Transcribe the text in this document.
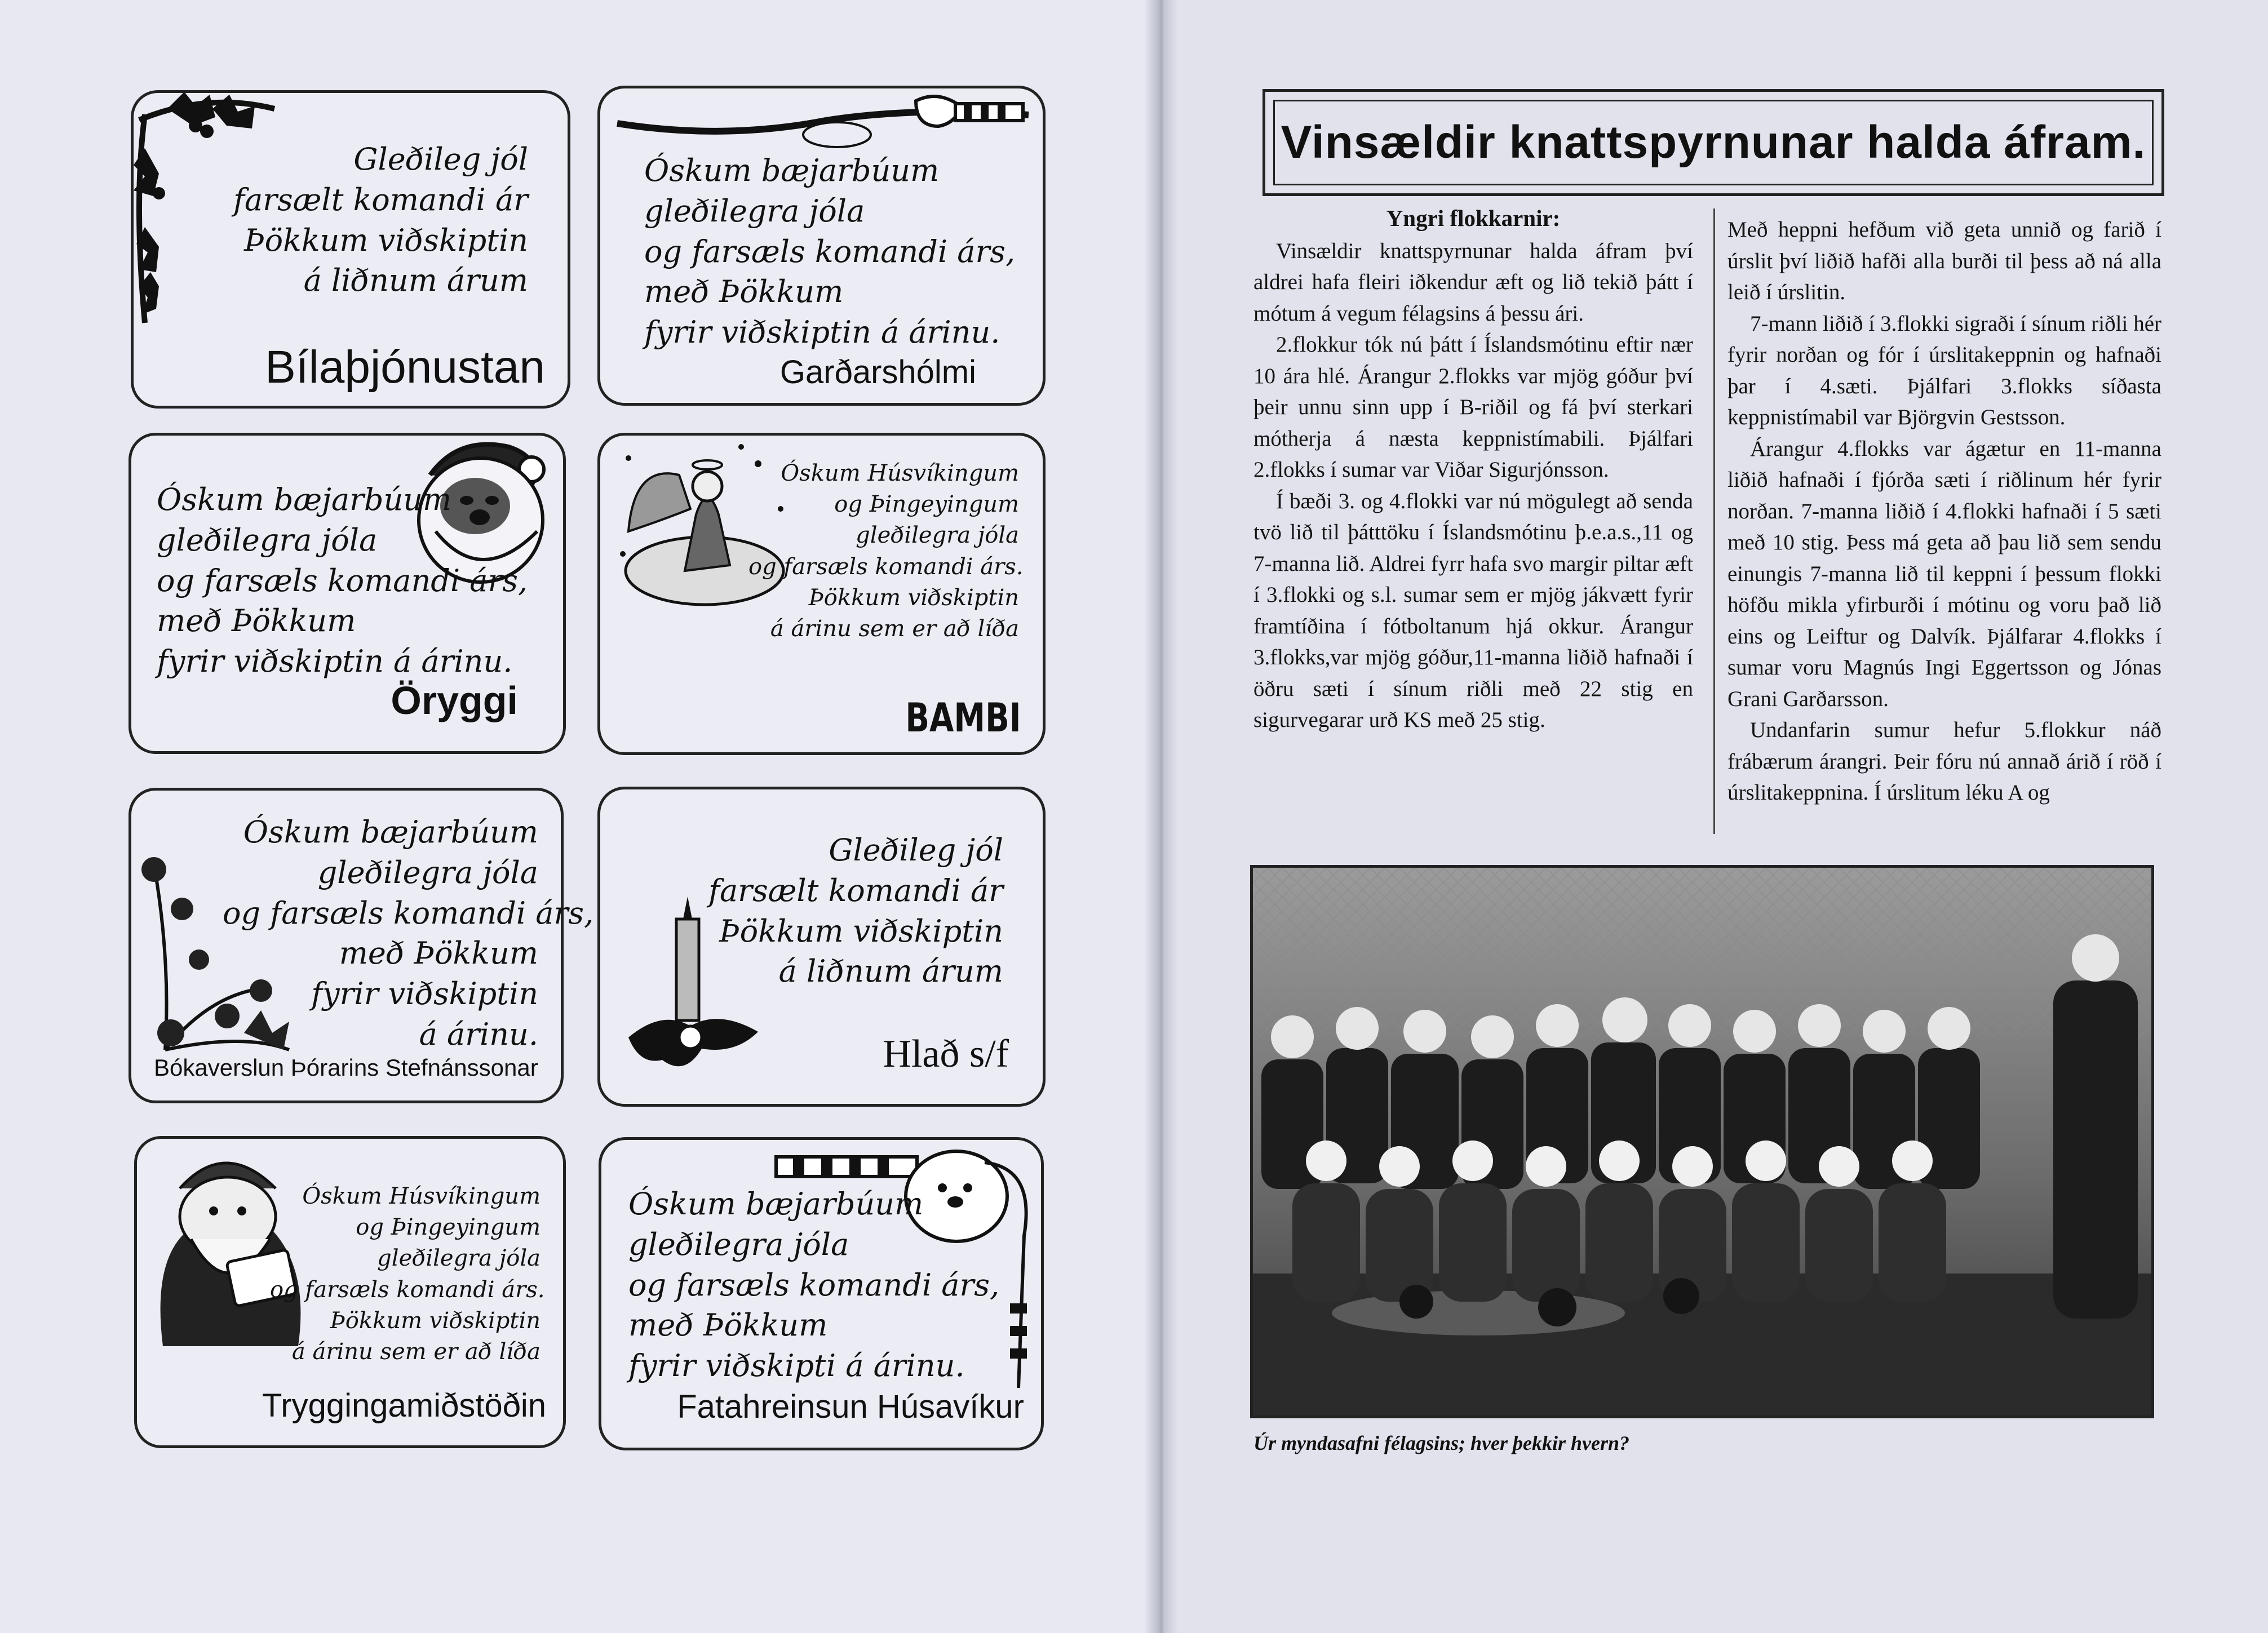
Gleðileg jól
farsælt komandi ár
Þökkum viðskiptin
á liðnum árum
Bílaþjónustan
Óskum bæjarbúum
gleðilegra jóla
og farsæls komandi árs,
með Þökkum
fyrir viðskiptin á árinu.
Garðarshólmi
Óskum bæjarbúum
gleðilegra jóla
og farsæls komandi árs,
með Þökkum
fyrir viðskiptin á árinu.
Öryggi
Óskum Húsvíkingum
og Þingeyingum
gleðilegra jóla
og farsæls komandi árs.
Þökkum viðskiptin
á árinu sem er að líða
BAMBI
Óskum bæjarbúum
gleðilegra jóla
og farsæls komandi
með Þökkum
fyrir viðskiptin
á árinu.
Bókaverslun Þórarins Stefnánssonar
Gleðileg jól
farsælt komandi ár
Þökkum viðskiptin
á liðnum árum
Hlað s/f
Óskum Húsvíkingum
og Þingeyingum
gleðilegra jóla
og farsæls komandi árs.
Þökkum viðskiptin
á árinu sem er að líða
Tryggingamiðstöðin
Óskum bæjarbúum
gleðilegra jóla
og farsæls komandi árs,
með Þökkum
fyrir viðskipti á árinu.
Fatahreinsun Húsavíkur
Vinsældir knattspyrnunar halda áfram.
Yngri flokkarnir:

Vinsældir knattspyrnunar halda áfram því aldrei hafa fleiri iðkendur æft og lið tekið þátt í mótum á vegum félagsins á þessu ári.

2.flokkur tók nú þátt í Íslandsmótinu eftir nær 10 ára hlé. Árangur 2.flokks var mjög góður því þeir unnu sinn upp í B-riðil og fá því sterkari mótherja á næsta keppnistímabili. Þjálfari 2.flokks í sumar var Viðar Sigurjónsson.

Í bæði 3. og 4.flokki var nú mögulegt að senda tvö lið til þátttöku í Íslandsmótinu þ.e.a.s.,11 og 7-manna lið. Aldrei fyrr hafa svo margir piltar æft í 3.flokki og s.l. sumar sem er mjög jákvætt fyrir framtíðina í fótboltanum hjá okkur. Árangur 3.flokks,var mjög góður,11-manna liðið hafnaði í öðru sæti í sínum riðli með 22 stig en sigurvegarar urð KS með 25 stig.

Með heppni hefðum við geta unnið og farið í úrslit því liðið hafði alla burði til þess að ná alla leið í úrslitin.

7-mann liðið í 3.flokki sigraði í sínum riðli hér fyrir norðan og fór í úrslitakeppnin og hafnaði þar í 4.sæti. Þjálfari 3.flokks síðasta keppnistímabil var Björgvin Gestsson.

Árangur 4.flokks var ágætur en 11-manna liðið hafnaði í fjórða sæti í riðlinum hér fyrir norðan. 7-manna liðið í 4.flokki hafnaði í 5 sæti með 10 stig. Þess má geta að þau lið sem sendu einungis 7-manna lið til keppni í þessum flokki höfðu mikla yfirburði í mótinu og voru það lið eins og Leiftur og Dalvík. Þjálfarar 4.flokks í sumar voru Magnús Ingi Eggertsson og Jónas Grani Garðarsson.

Undanfarin sumur hefur 5.flokkur náð frábærum árangri. Þeir fóru nú annað árið í röð í úrslitakeppnina. Í úrslitum léku A og

Úr myndasafni félagsins; hver þekkir hvern?
